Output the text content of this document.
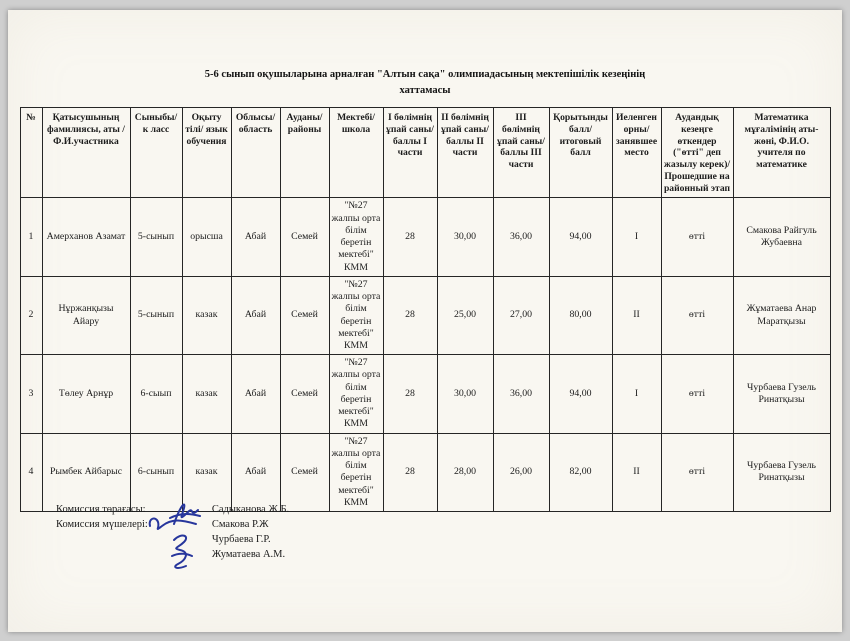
5-6 сынып оқушыларына арналған "Алтын сақа" олимпиадасының мектепішілік кезеңінің
хаттамасы
№	Қатысушының фамилиясы, аты /Ф.И.участника	Сыныбы/к ласс	Оқыту тілі/ язык обучения	Облысы/ область	Ауданы/ районы	Мектебі/ школа	I бөлімнің ұпай саны/ баллы I части	II бөлімнің ұпай саны/ баллы II части	III бөлімнің ұпай саны/ баллы III части	Қорытынды балл/ итоговый балл	Иеленген орны/ занявшее место	Аудандық кезеңге өткендер ("өтті" деп жазылу керек)/ Прошедшие на районный этап	Математика мұғалімінің аты-жөні, Ф.И.О. учителя по математике
1	Амерханов Азамат	5-сынып	орысша	Абай	Семей	"№27 жалпы орта білім беретін мектебі" КММ	28	30,00	36,00	94,00	I	өтті	Смакова Райгуль Жубаевна
2	Нұржанқызы Айару	5-сынып	казак	Абай	Семей	"№27 жалпы орта білім беретін мектебі" КММ	28	25,00	27,00	80,00	II	өтті	Жұматаева Анар Маратқызы
3	Төлеу Арнұр	6-сыып	казак	Абай	Семей	"№27 жалпы орта білім беретін мектебі" КММ	28	30,00	36,00	94,00	I	өтті	Чурбаева Гузель Ринатқызы
4	Рымбек Айбарыс	6-сынып	казак	Абай	Семей	"№27 жалпы орта білім беретін мектебі" КММ	28	28,00	26,00	82,00	II	өтті	Чурбаева Гузель Ринатқызы
Комиссия төрағасы:
Комиссия мүшелері:
Садыканова Ж.Б.
Смакова Р.Ж
Чурбаева Г.Р.
Жуматаева А.М.
